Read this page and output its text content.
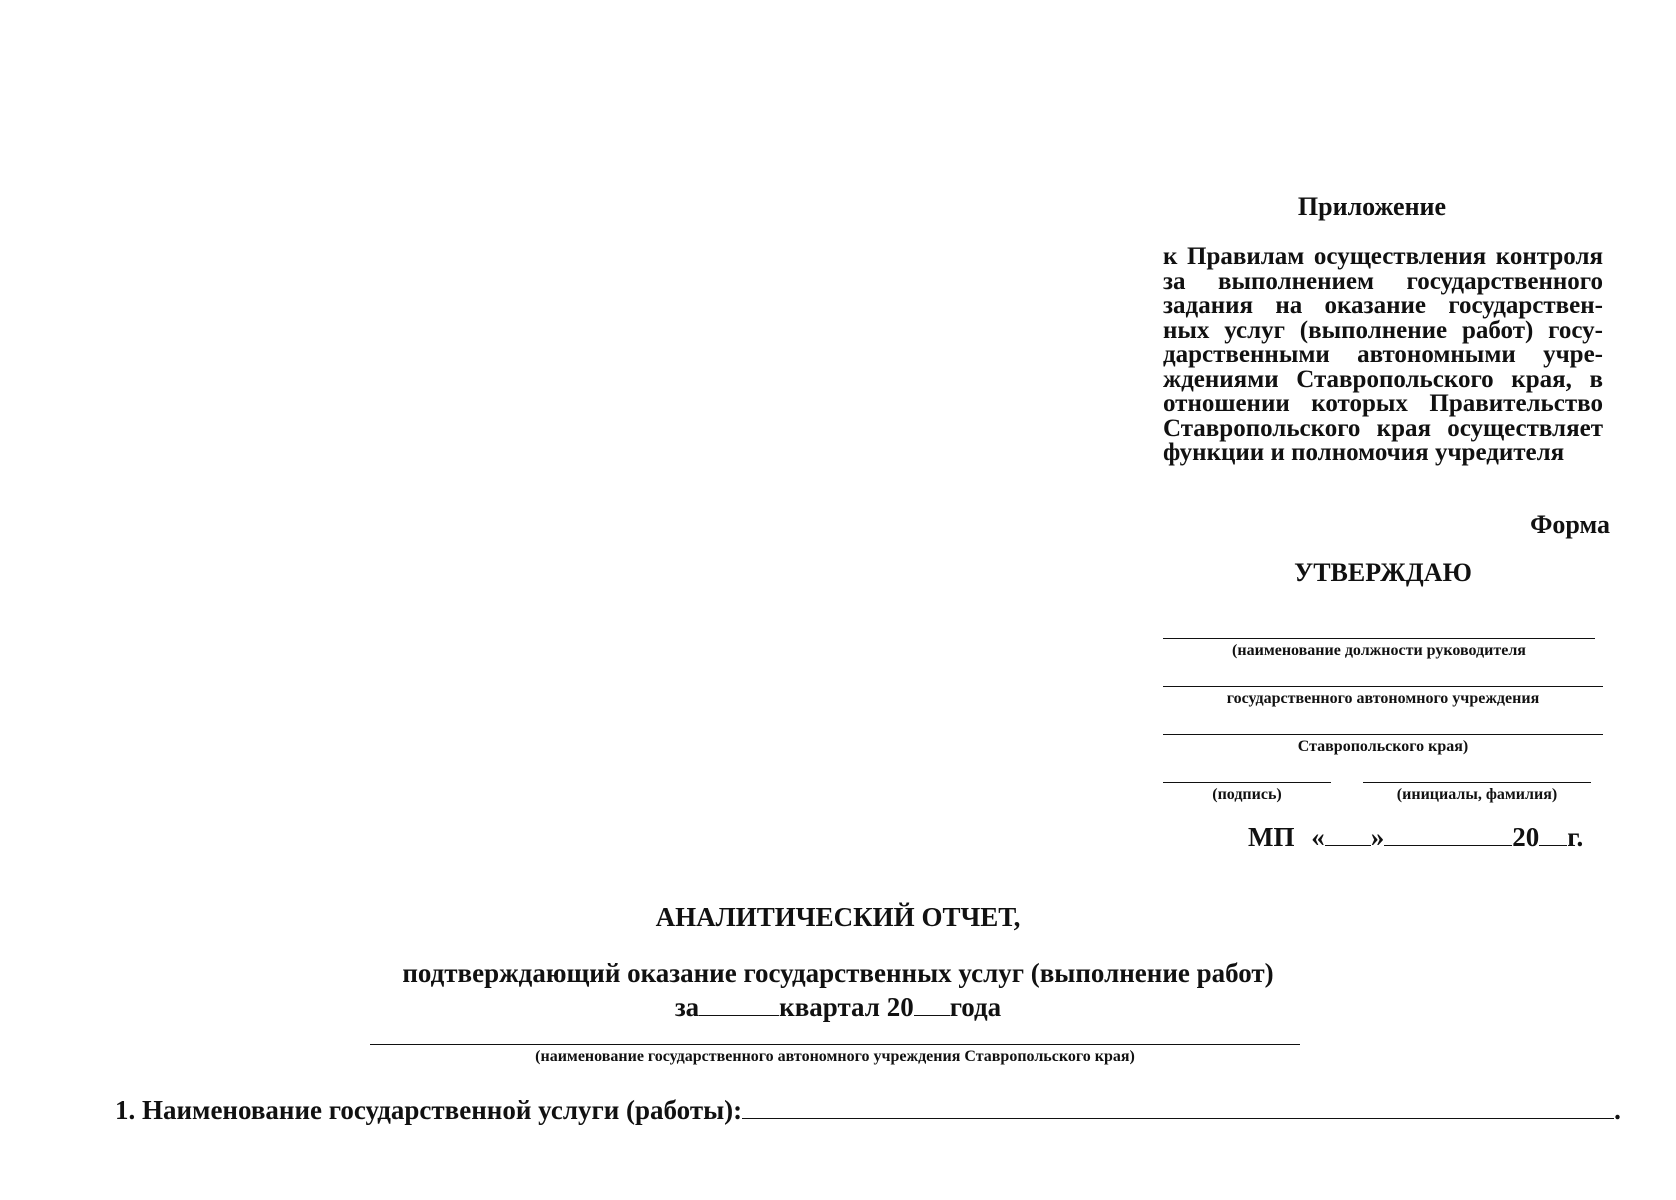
Приложение
к Правилам осуществления контроля
за выполнением государственного
задания на оказание государствен-
ных услуг (выполнение работ) госу-
дарственными автономными учре-
ждениями Ставропольского края, в
отношении которых Правительство
Ставропольского края осуществляет
функции и полномочия учредителя
Форма
УТВЕРЖДАЮ
(наименование должности руководителя
государственного автономного учреждения
Ставропольского края)
(подпись)	(инициалы, фамилия)
МП « »	20 г.
АНАЛИТИЧЕСКИЙ ОТЧЕТ,
подтверждающий оказание государственных услуг (выполнение работ)
за	квартал 20 года
(наименование государственного автономного учреждения Ставропольского края)
1. Наименование государственной услуги (работы):	.
